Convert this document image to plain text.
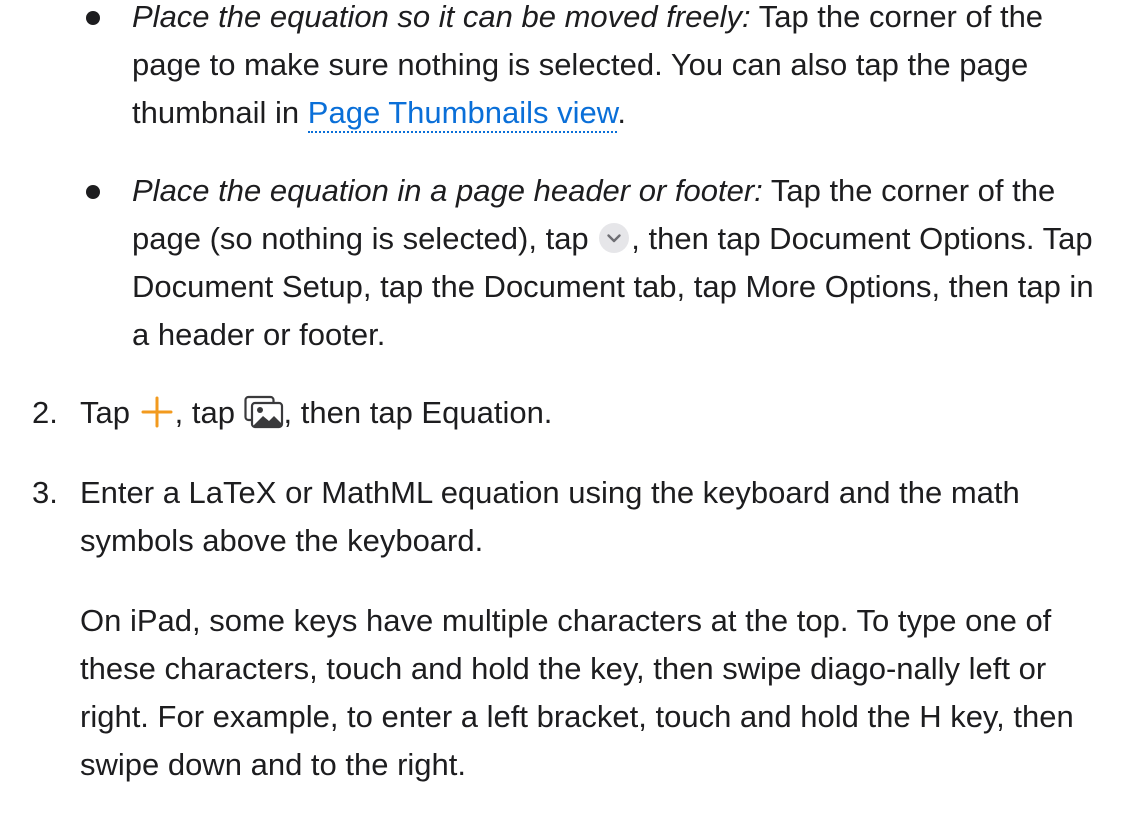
Place the equation so it can be moved freely: Tap the corner of the page to make sure nothing is selected. You can also tap the page thumbnail in Page Thumbnails view.
Place the equation in a page header or footer: Tap the corner of the page (so nothing is selected), tap
, then tap Document Options. Tap Document Setup, tap the Document tab, tap More Options, then tap in a header or footer.
2. Tap
, tap
, then tap Equation.

3. Enter a LaTeX or MathML equation using the keyboard and the math symbols above the keyboard.

On iPad, some keys have multiple characters at the top. To type one of these characters, touch and hold the key, then swipe diago-nally left or right. For example, to enter a left bracket, touch and hold the H key, then swipe down and to the right.
